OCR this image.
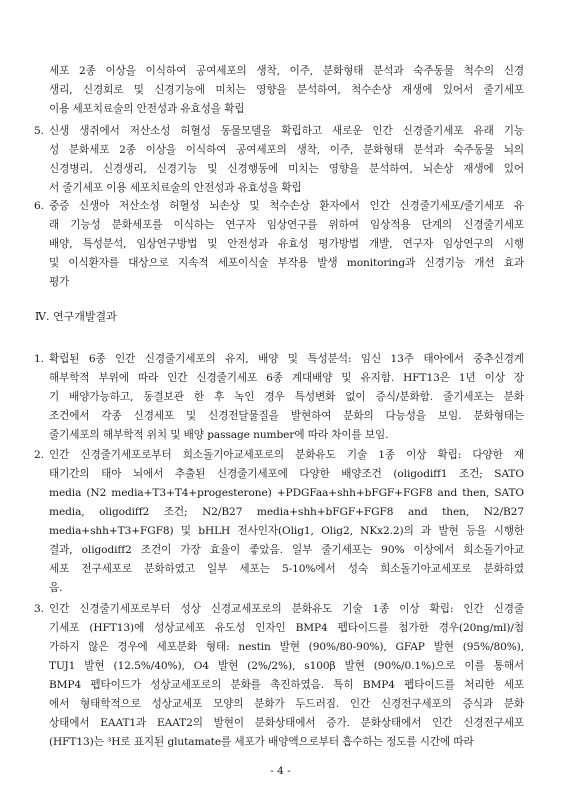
세포 2종 이상을 이식하여 공여세포의 생착, 이주, 분화형태 분석과 숙주동물 척수의 신경
생리, 신경회로 및 신경기능에 미치는 영향을 분석하여, 척수손상 재생에 있어서 줄기세포
이용 세포치료술의 안전성과 유효성을 확립
5. 신생 생쥐에서 저산소성 허혈성 동물모델을 확립하고 새로운 인간 신경줄기세포 유래 기능
성 분화세포 2종 이상을 이식하여 공여세포의 생착, 이주, 분화형태 분석과 숙주동물 뇌의
신경병리, 신경생리, 신경기능 및 신경행동에 미치는 영향을 분석하여, 뇌손상 재생에 있어
서 줄기세포 이용 세포치료술의 안전성과 유효성을 확립
6. 중증 신생아 저산소성 허혈성 뇌손상 및 척수손상 환자에서 인간 신경줄기세포/줄기세포 유
래 기능성 분화세포를 이식하는 연구자 임상연구를 위하여 임상적용 단계의 신경줄기세포
배양, 특성분석, 임상연구방법 및 안전성과 유효성 평가방법 개발, 연구자 임상연구의 시행
및 이식환자를 대상으로 지속적 세포이식술 부작용 발생 monitoring과 신경기능 개선 효과
평가
Ⅳ. 연구개발결과
1. 확립된 6종 인간 신경줄기세포의 유지, 배양 및 특성분석: 임신 13주 태아에서 중추신경계
해부학적 부위에 따라 인간 신경줄기세포 6종 계대배양 및 유지함. HFT13은 1년 이상 장
기 배양가능하고, 동결보관 한 후 녹인 경우 특성변화 없이 증식/분화함. 줄기세포는 분화
조건에서 각종 신경세포 및 신경전달물질을 발현하여 분화의 다능성을 보임. 분화형태는
줄기세포의 해부학적 위치 및 배양 passage number에 따라 차이를 보임.
2. 인간 신경줄기세포로부터 희소돌기아교세포로의 분화유도 기술 1종 이상 확립: 다양한 재
태기간의 태아 뇌에서 추출된 신경줄기세포에 다양한 배양조건 (oligodiff1 조건; SATO
media (N2 media+T3+T4+progesterone) +PDGFaa+shh+bFGF+FGF8 and then, SATO
media, oligodiff2 조건; N2/B27 media+shh+bFGF+FGF8 and then, N2/B27
media+shh+T3+FGF8) 및 bHLH 전사인자(Olig1, Olig2, NKx2.2)의 과 발현 등을 시행한
결과, oligodiff2 조건이 가장 효율이 좋았음. 일부 줄기세포는 90% 이상에서 희소돌기아교
세포 전구세포로 분화하였고 일부 세포는 5-10%에서 성숙 희소돌기아교세포로 분화하였
음.
3. 인간 신경줄기세포로부터 성상 신경교세포로의 분화유도 기술 1종 이상 확립: 인간 신경줄
기세포 (HFT13)에 성상교세포 유도성 인자인 BMP4 펩타이드를 첨가한 경우(20ng/ml)/첨
가하지 않은 경우에 세포분화 형태: nestin 발현 (90%/80-90%), GFAP 발현 (95%/80%),
TUJ1 발현 (12.5%/40%), O4 발현 (2%/2%), s100β 발현 (90%/0.1%)으로 이를 통해서
BMP4 펩타이드가 성상교세포로의 분화를 촉진하였음. 특히 BMP4 펩타이드를 처리한 세포
에서 형태학적으로 성상교세포 모양의 분화가 두드러짐. 인간 신경전구세포의 증식과 분화
상태에서 EAAT1과 EAAT2의 발현이 분화상태에서 증가. 분화상태에서 인간 신경전구세포
(HFT13)는 ³H로 표지된 glutamate를 세포가 배양액으로부터 흡수하는 정도를 시간에 따라
- 4 -
